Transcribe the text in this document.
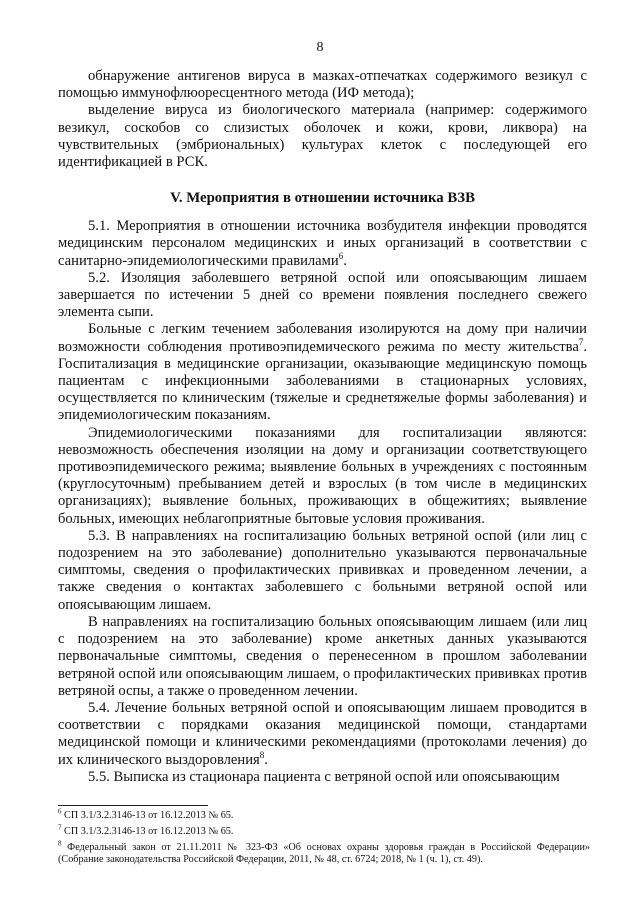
8

обнаружение антигенов вируса в мазках-отпечатках содержимого везикул с помощью иммунофлюоресцентного метода (ИФ метода);

выделение вируса из биологического материала (например: содержимого везикул, соскобов со слизистых оболочек и кожи, крови, ликвора) на чувствительных (эмбриональных) культурах клеток с последующей его идентификацией в РСК.

V. Мероприятия в отношении источника ВЗВ

5.1. Мероприятия в отношении источника возбудителя инфекции проводятся медицинским персоналом медицинских и иных организаций в соответствии с санитарно-эпидемиологическими правилами$^6$.

5.2. Изоляция заболевшего ветряной оспой или опоясывающим лишаем завершается по истечении 5 дней со времени появления последнего свежего элемента сыпи.

Больные с легким течением заболевания изолируются на дому при наличии возможности соблюдения противоэпидемического режима по месту жительства$^7$. Госпитализация в медицинские организации, оказывающие медицинскую помощь пациентам с инфекционными заболеваниями в стационарных условиях, осуществляется по клиническим (тяжелые и среднетяжелые формы заболевания) и эпидемиологическим показаниям.

Эпидемиологическими показаниями для госпитализации являются: невозможность обеспечения изоляции на дому и организации соответствующего противоэпидемического режима; выявление больных в учреждениях с постоянным (круглосуточным) пребыванием детей и взрослых (в том числе в медицинских организациях); выявление больных, проживающих в общежитиях; выявление больных, имеющих неблагоприятные бытовые условия проживания.

5.3. В направлениях на госпитализацию больных ветряной оспой (или лиц с подозрением на это заболевание) дополнительно указываются первоначальные симптомы, сведения о профилактических прививках и проведенном лечении, а также сведения о контактах заболевшего с больными ветряной оспой или опоясывающим лишаем.

В направлениях на госпитализацию больных опоясывающим лишаем (или лиц с подозрением на это заболевание) кроме анкетных данных указываются первоначальные симптомы, сведения о перенесенном в прошлом заболевании ветряной оспой или опоясывающим лишаем, о профилактических прививках против ветряной оспы, а также о проведенном лечении.

5.4. Лечение больных ветряной оспой и опоясывающим лишаем проводится в соответствии с порядками оказания медицинской помощи, стандартами медицинской помощи и клиническими рекомендациями (протоколами лечения) до их клинического выздоровления$^8$.

5.5. Выписка из стационара пациента с ветряной оспой или опоясывающим

$^6$ СП 3.1/3.2.3146-13 от 16.12.2013 № 65.

$^7$ СП 3.1/3.2.3146-13 от 16.12.2013 № 65.

$^8$ Федеральный закон от 21.11.2011 № 323-ФЗ «Об основах охраны здоровья граждан в Российской Федерации» (Собрание законодательства Российской Федерации, 2011, № 48, ст. 6724; 2018, № 1 (ч. 1), ст. 49).
